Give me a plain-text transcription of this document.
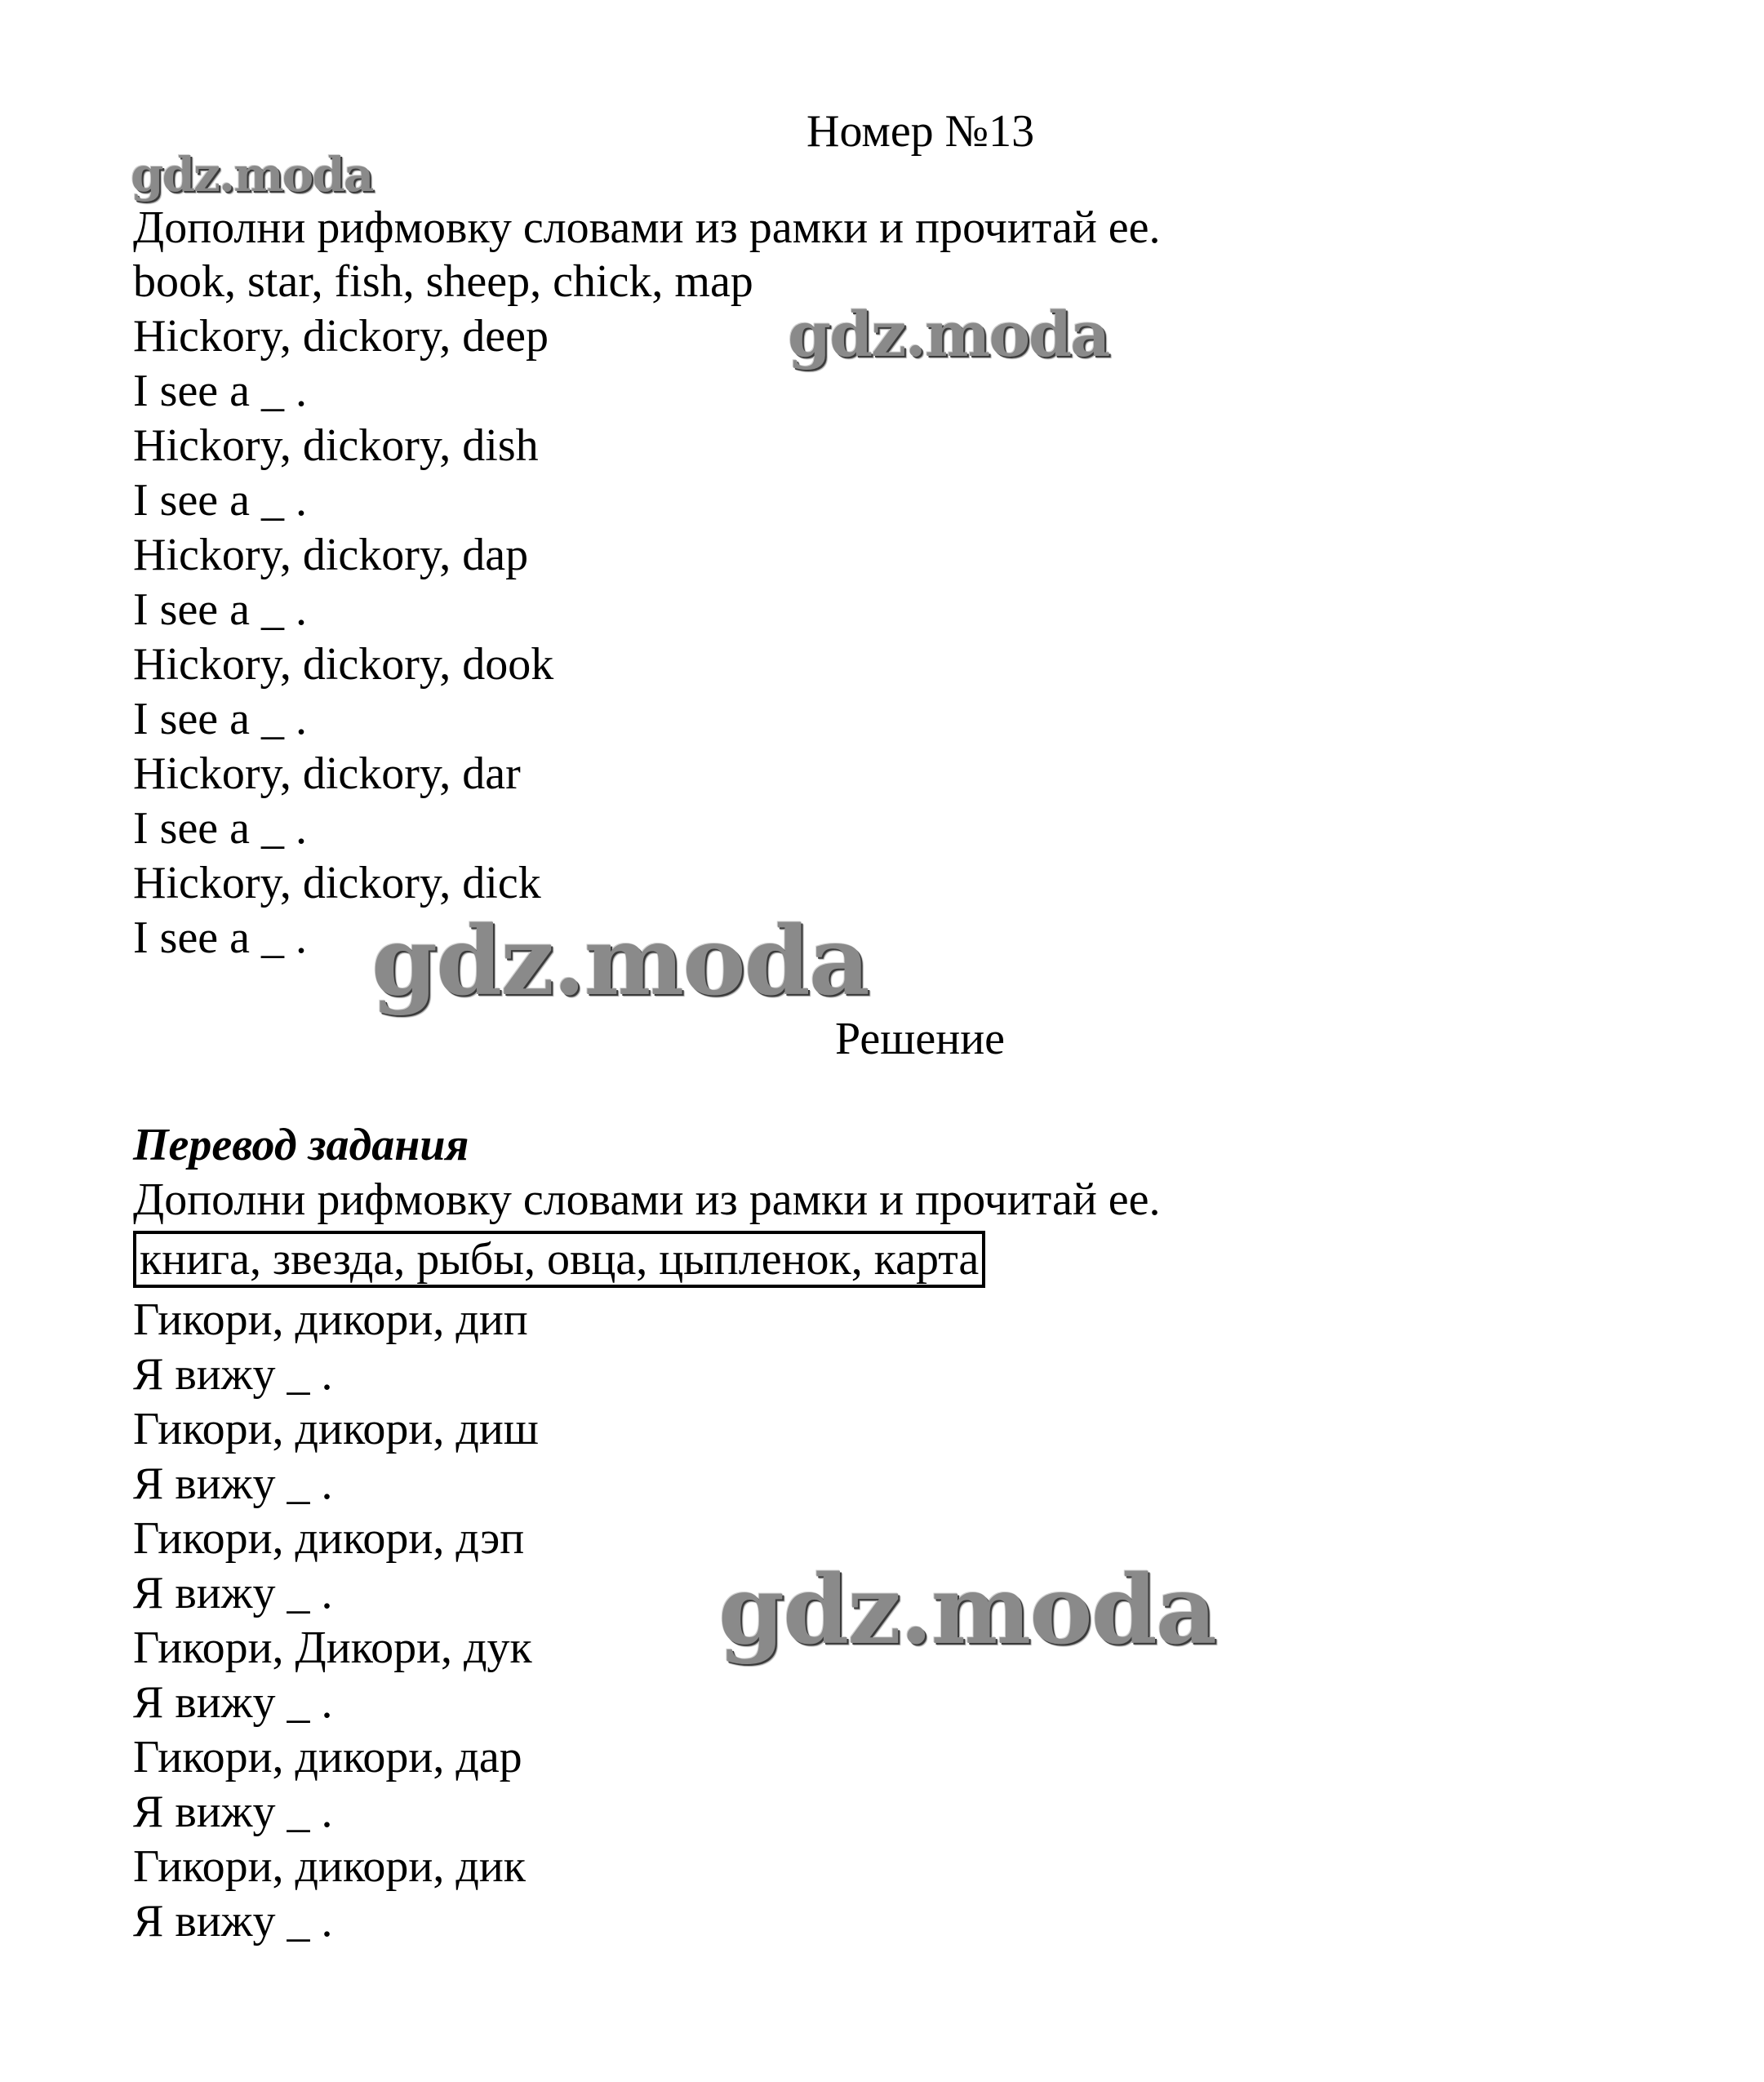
Номер №13
gdz.moda
Дополни рифмовку словами из рамки и прочитай ее.
book, star, fish, sheep, chick, map
gdz.moda
Hickory, dickory, deep
I see a _ .
Hickory, dickory, dish
I see a _ .
Hickory, dickory, dap
I see a _ .
Hickory, dickory, dook
I see a _ .
Hickory, dickory, dar
I see a _ .
Hickory, dickory, dick
I see a _ . gdz.moda
Решение
Перевод задания
Дополни рифмовку словами из рамки и прочитай ее.
книга, звезда, рыбы, овца, цыпленок, карта
Гикори, дикори, дип
Я вижу _ .
Гикори, дикори, диш
Я вижу _ .
Гикори, дикори, дэп
Я вижу _ .
Гикори, Дикори, дук
Я вижу _ .
Гикори, дикори, дар
Я вижу _ .
Гикори, дикори, дик
Я вижу _ .
gdz.moda
